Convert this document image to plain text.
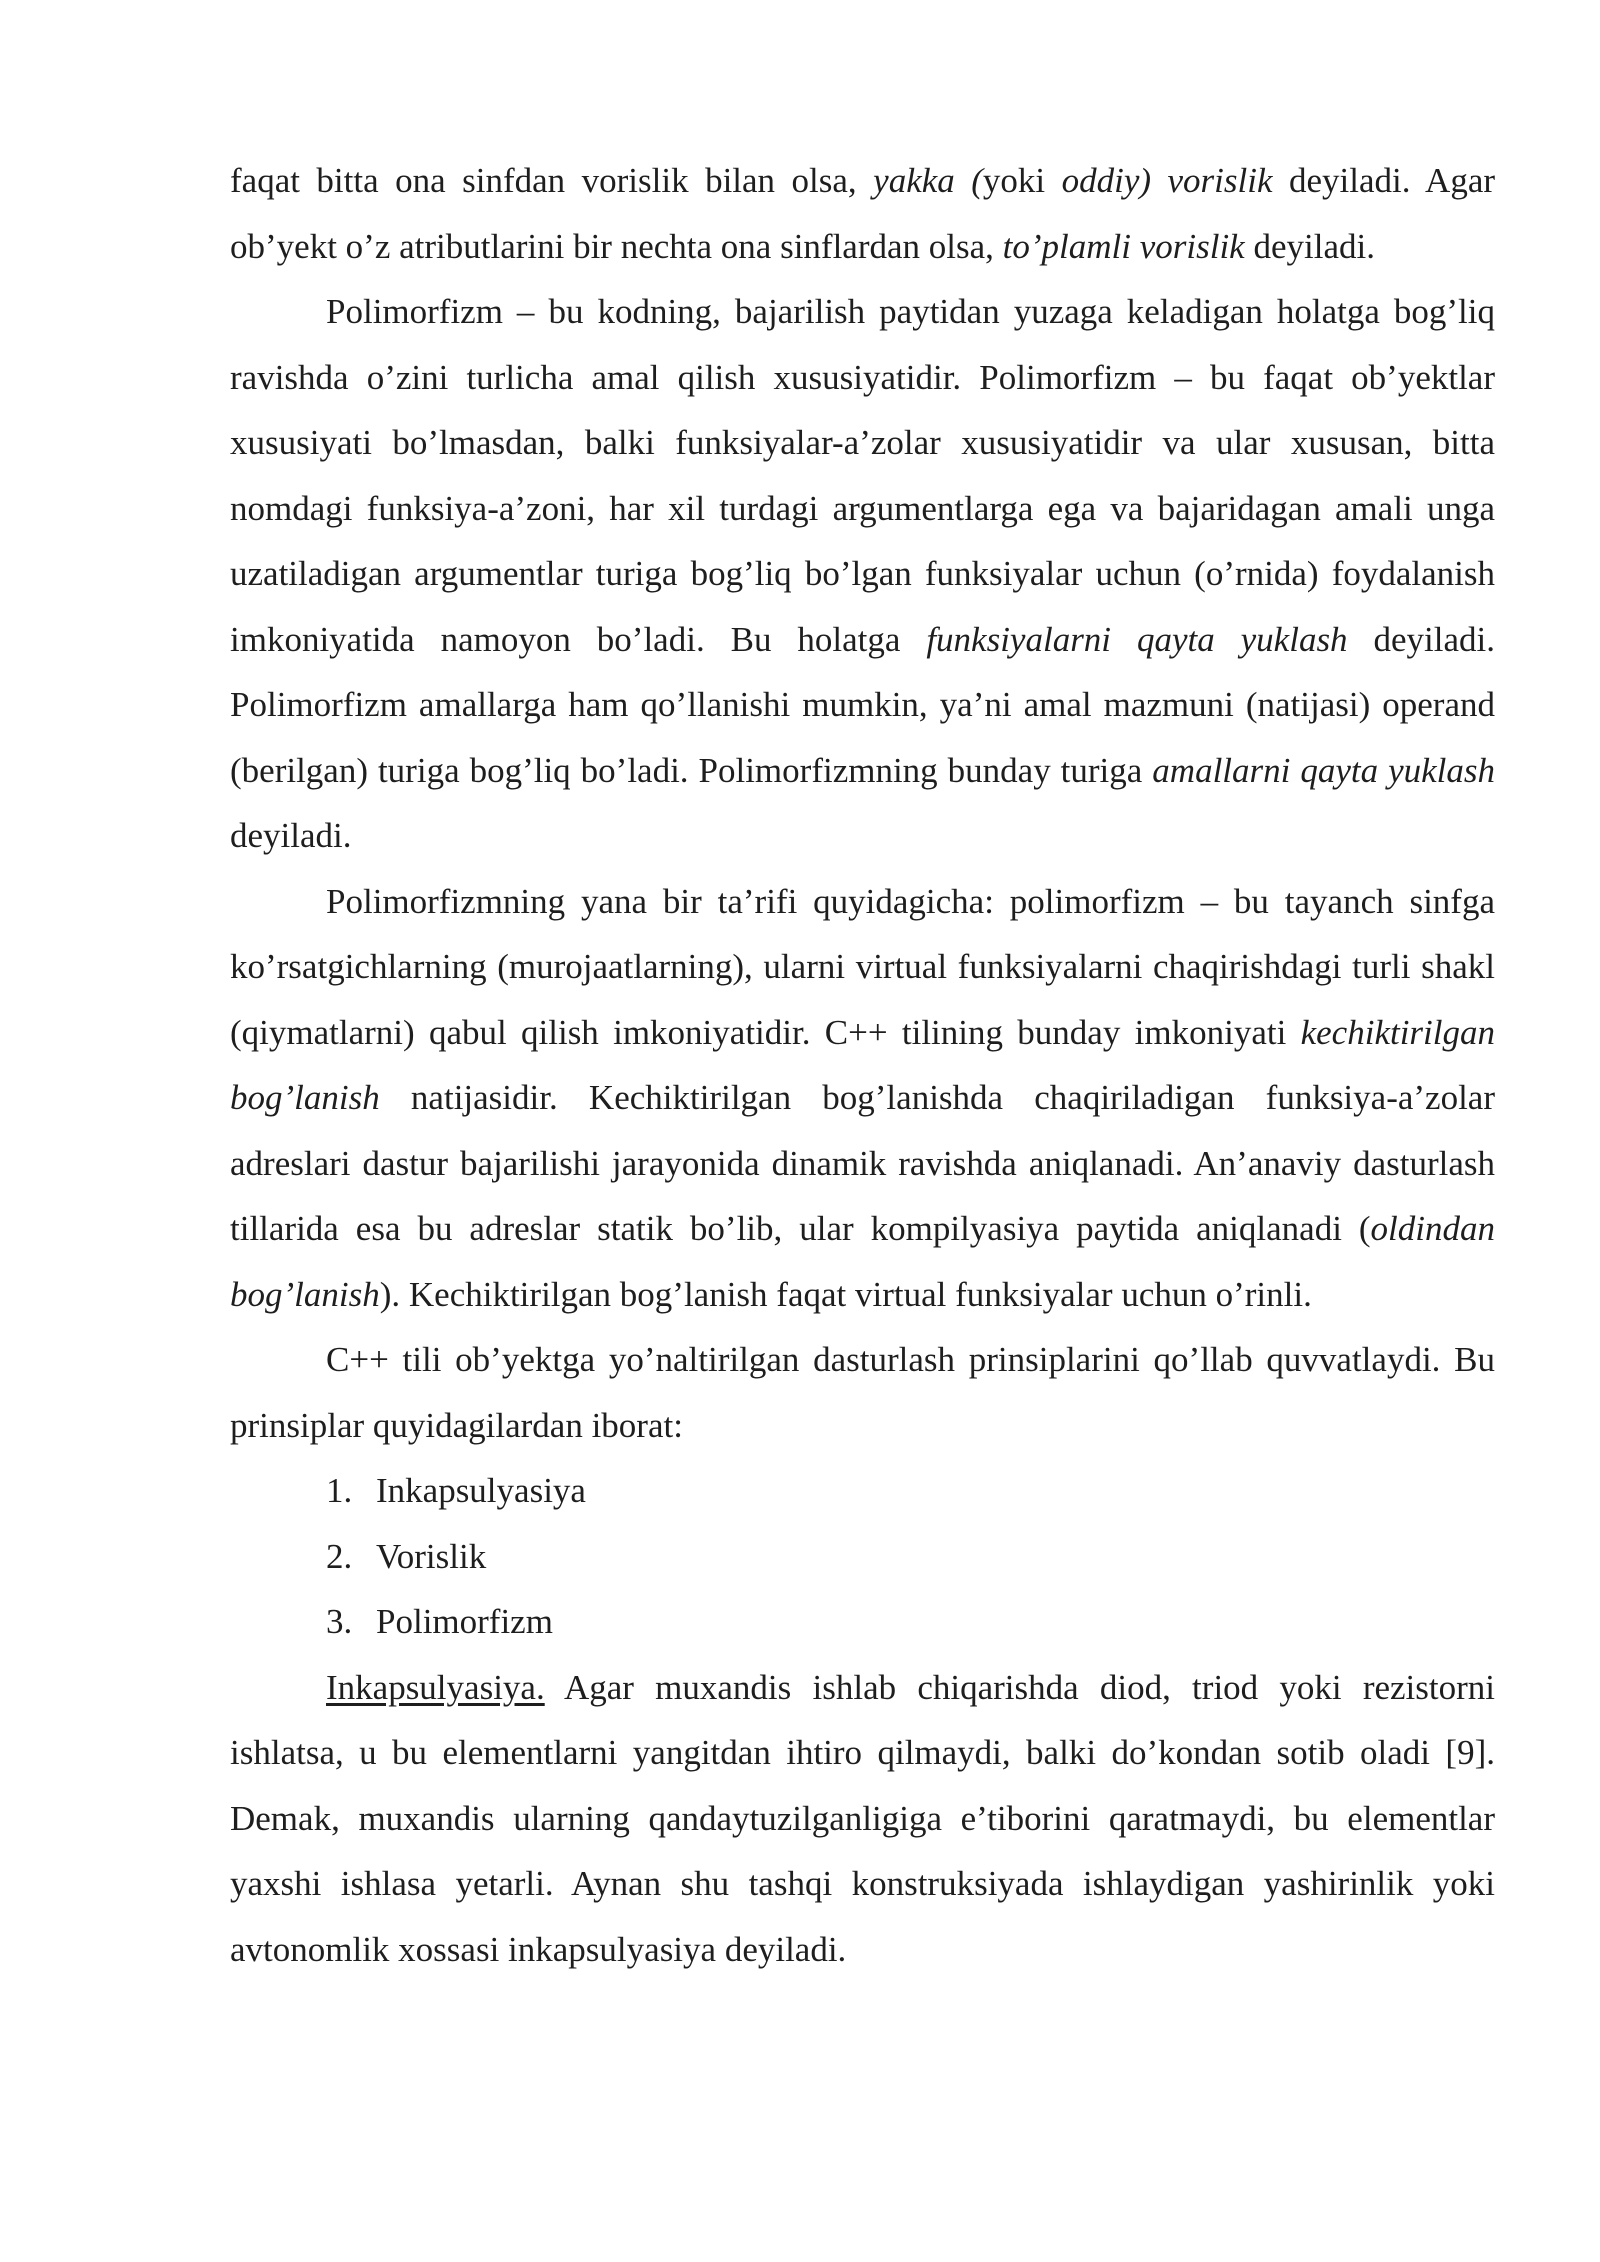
faqat bitta ona sinfdan vorislik bilan olsa, yakka (yoki oddiy) vorislik deyiladi. Agar ob’yekt o’z atributlarini bir nechta ona sinflardan olsa, to’plamli vorislik deyiladi.

Polimorfizm – bu kodning, bajarilish paytidan yuzaga keladigan holatga bog’liq ravishda o’zini turlicha amal qilish xususiyatidir. Polimorfizm – bu faqat ob’yektlar xususiyati bo’lmasdan, balki funksiyalar-a’zolar xususiyatidir va ular xususan, bitta nomdagi funksiya-a’zoni, har xil turdagi argumentlarga ega va bajaridagan amali unga uzatiladigan argumentlar turiga bog’liq bo’lgan funksiyalar uchun (o’rnida) foydalanish imkoniyatida namoyon bo’ladi. Bu holatga funksiyalarni qayta yuklash deyiladi. Polimorfizm amallarga ham qo’llanishi mumkin, ya’ni amal mazmuni (natijasi) operand (berilgan) turiga bog’liq bo’ladi. Polimorfizmning bunday turiga amallarni qayta yuklash deyiladi.

Polimorfizmning yana bir ta’rifi quyidagicha: polimorfizm – bu tayanch sinfga ko’rsatgichlarning (murojaatlarning), ularni virtual funksiyalarni chaqirishdagi turli shakl (qiymatlarni) qabul qilish imkoniyatidir. C++ tilining bunday imkoniyati kechiktirilgan bog’lanish natijasidir. Kechiktirilgan bog’lanishda chaqiriladigan funksiya-a’zolar adreslari dastur bajarilishi jarayonida dinamik ravishda aniqlanadi. An’anaviy dasturlash tillarida esa bu adreslar statik bo’lib, ular kompilyasiya paytida aniqlanadi (oldindan bog’lanish). Kechiktirilgan bog’lanish faqat virtual funksiyalar uchun o’rinli.

C++ tili ob’yektga yo’naltirilgan dasturlash prinsiplarini qo’llab quvvatlaydi. Bu prinsiplar quyidagilardan iborat:

1. Inkapsulyasiya
2. Vorislik
3. Polimorfizm

Inkapsulyasiya. Agar muxandis ishlab chiqarishda diod, triod yoki rezistorni ishlatsa, u bu elementlarni yangitdan ihtiro qilmaydi, balki do’kondan sotib oladi [9]. Demak, muxandis ularning qandaytuzilganligiga e’tiborini qaratmaydi, bu elementlar yaxshi ishlasa yetarli. Aynan shu tashqi konstruksiyada ishlaydigan yashirinlik yoki avtonomlik xossasi inkapsulyasiya deyiladi.
